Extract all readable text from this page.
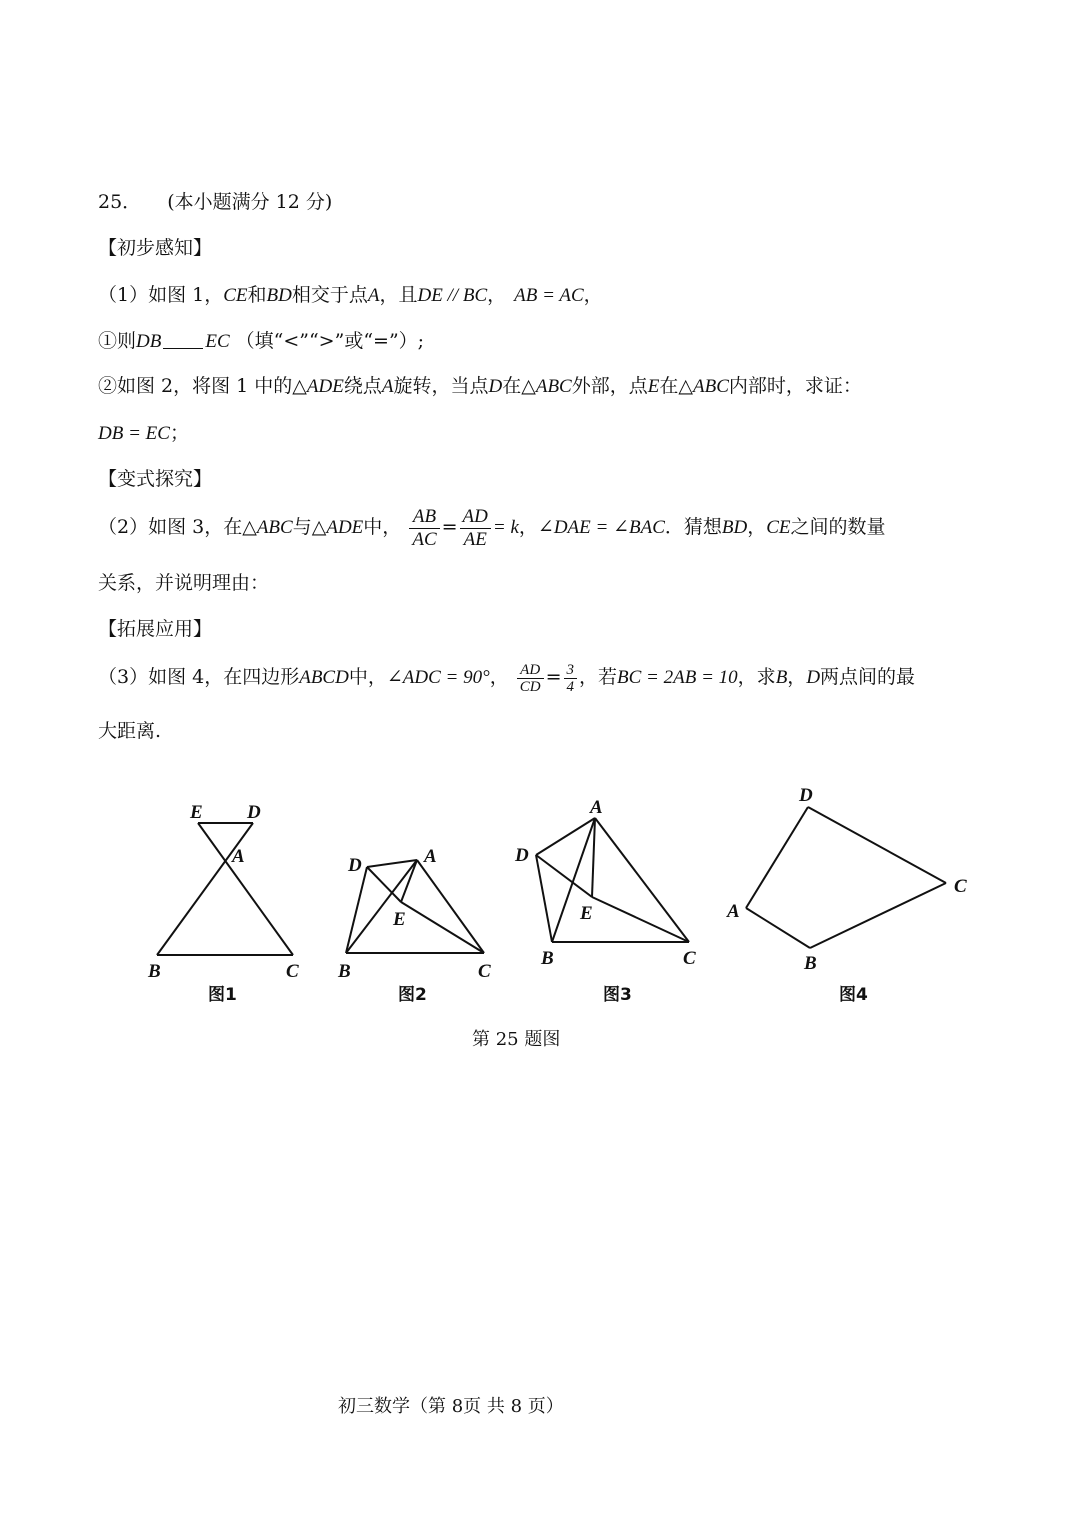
25． (本小题满分 12 分)
【初步感知】
（1）如图 1，CE和BD相交于点A，且DE // BC， AB = AC，
①则DB EC （填“<”“>”或“=”）;
②如图 2，将图 1 中的△ADE绕点A旋转，当点D在△ABC外部，点E在△ABC内部时，求证：
DB = EC；
【变式探究】
（2）如图 3，在△ABC与△ADE中， $\frac{AB}{AC} = \frac{AD}{AE} = k$，∠DAE = ∠BAC．猜想BD，CE之间的数量
关系，并说明理由：
【拓展应用】
（3）如图 4，在四边形ABCD中，∠ADC = 90°， $\frac{AD}{CD} = \frac{3}{4}$ ，若BC = 2AB = 10，求B，D两点间的最
大距离.
E D
A
B	C
D	A
E
B	C
A
D
E
B	C
D
C
A
B
图1	图2	图3	图4
第 25 题图
初三数学（第 8页 共 8 页）
